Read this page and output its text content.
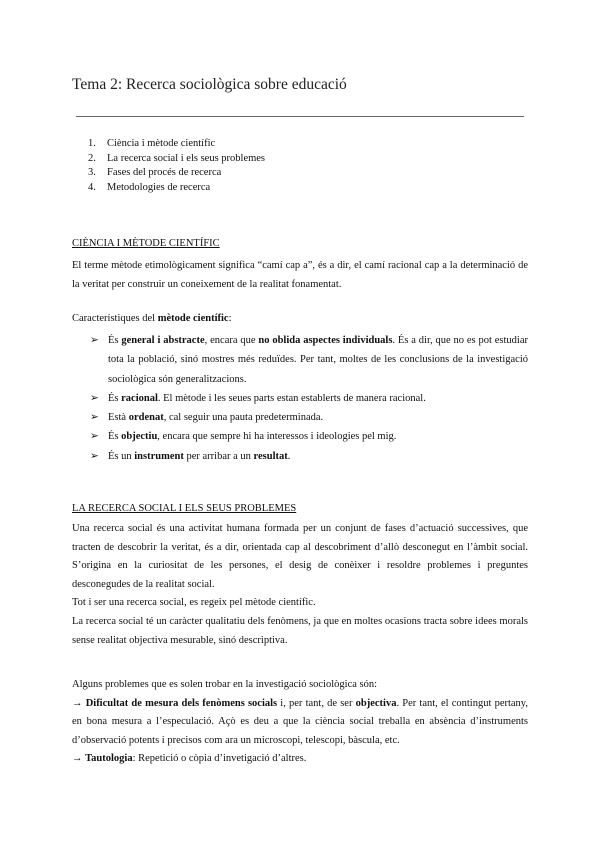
Tema 2: Recerca sociològica sobre educació
1. Ciència i mètode científic
2. La recerca social i els seus problemes
3. Fases del procés de recerca
4. Metodologies de recerca
CIÈNCIA I MÈTODE CIENTÍFIC

El terme mètode etimològicament significa “camí cap a”, és a dir, el camí racional cap a la determinació de la veritat per construir un coneixement de la realitat fonamentat.

Característiques del mètode científic:
➢ És general i abstracte, encara que no oblida aspectes individuals. És a dir, que no es pot estudiar tota la població, sinó mostres més reduïdes. Per tant, moltes de les conclusions de la investigació sociològica són generalitzacions.
➢ És racional. El mètode i les seues parts estan establerts de manera racional.
➢ Està ordenat, cal seguir una pauta predeterminada.
➢ És objectiu, encara que sempre hi ha interessos i ideologies pel mig.
➢ És un instrument per arribar a un resultat.
LA RECERCA SOCIAL I ELS SEUS PROBLEMES

Una recerca social és una activitat humana formada per un conjunt de fases d’actuació successives, que tracten de descobrir la veritat, és a dir, orientada cap al descobriment d’allò desconegut en l’àmbit social. S’origina en la curiositat de les persones, el desig de conèixer i resoldre problemes i preguntes desconegudes de la realitat social.

Tot i ser una recerca social, es regeix pel mètode científic.

La recerca social té un caràcter qualitatiu dels fenòmens, ja que en moltes ocasions tracta sobre idees morals sense realitat objectiva mesurable, sinó descriptiva.

Alguns problemes que es solen trobar en la investigació sociològica són:

→ Dificultat de mesura dels fenòmens socials i, per tant, de ser objectiva. Per tant, el contingut pertany, en bona mesura a l’especulació. Açò es deu a que la ciència social treballa en absència d’instruments d’observació potents i precisos com ara un microscopi, telescopi, bàscula, etc.

→ Tautologia: Repetició o còpia d’invetigació d’altres.
